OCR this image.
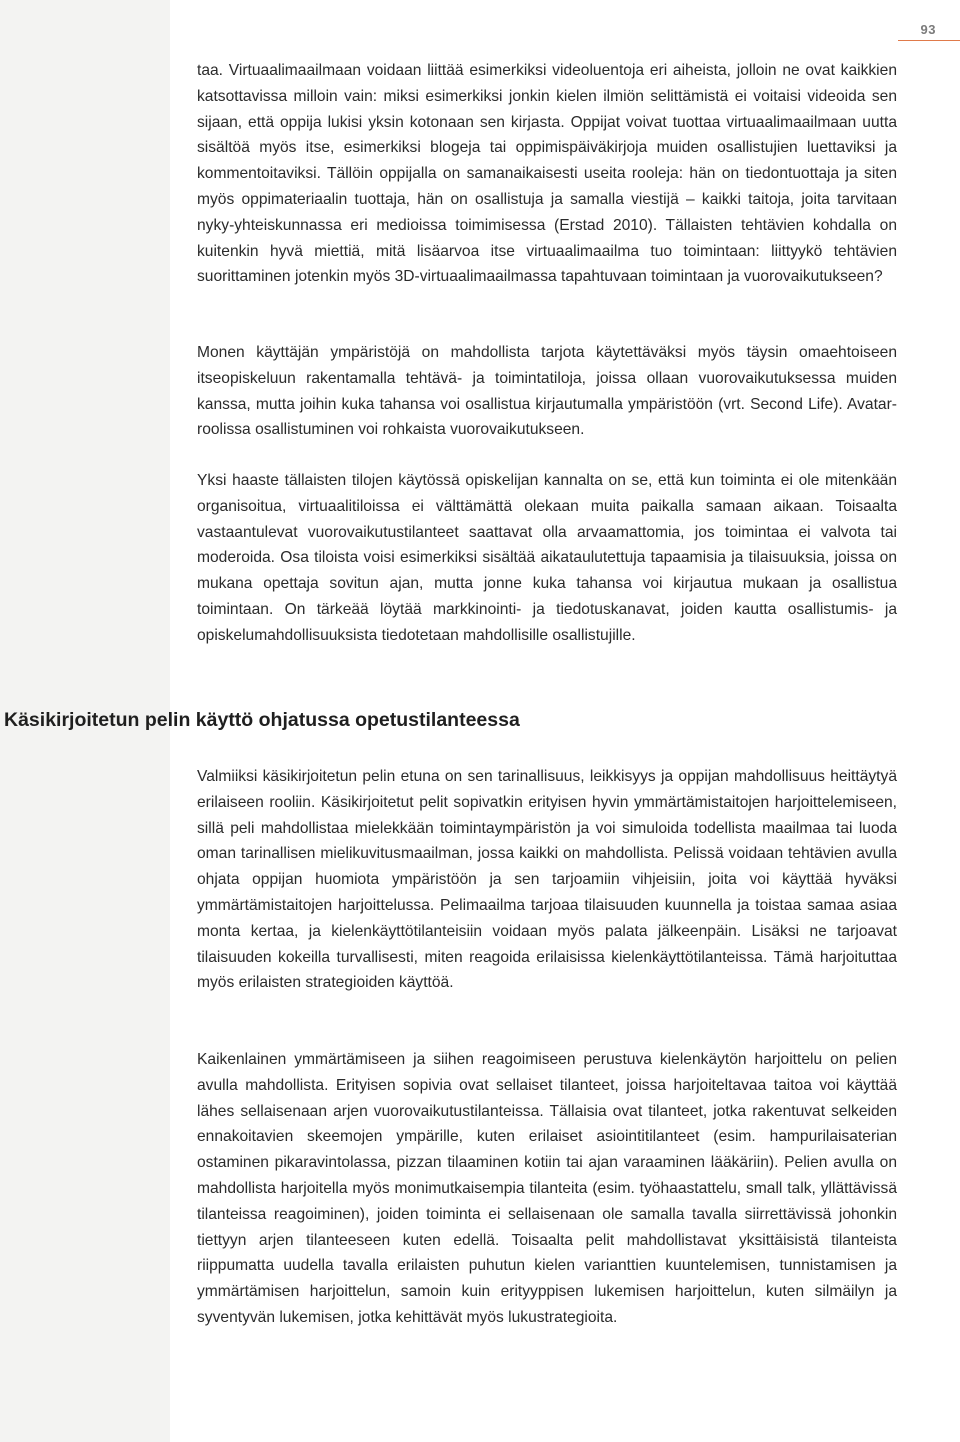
93

taa. Virtuaalimaailmaan voidaan liittää esimerkiksi videoluentoja eri aiheista, jolloin ne ovat kaikkien katsottavissa milloin vain: miksi esimerkiksi jonkin kielen ilmiön selittämistä ei voitaisi videoida sen sijaan, että oppija lukisi yksin kotonaan sen kirjasta. Oppijat voivat tuottaa virtuaalimaailmaan uutta sisältöä myös itse, esimerkiksi blogeja tai oppimispäiväkirjoja muiden osallistujien luettaviksi ja kommentoitaviksi. Tällöin oppijalla on samanaikaisesti useita rooleja: hän on tiedontuottaja ja siten myös oppimateriaalin tuottaja, hän on osallistuja ja samalla viestijä – kaikki taitoja, joita tarvitaan nyky-yhteiskunnassa eri medioissa toimimisessa (Erstad 2010). Tällaisten tehtävien kohdalla on kuitenkin hyvä miettiä, mitä lisäarvoa itse virtuaalimaailma tuo toimintaan: liittyykö tehtävien suorittaminen jotenkin myös 3D-virtuaalimaailmassa tapahtuvaan toimintaan ja vuorovaikutukseen?

Monen käyttäjän ympäristöjä on mahdollista tarjota käytettäväksi myös täysin omaehtoiseen itseopiskeluun rakentamalla tehtävä- ja toimintatiloja, joissa ollaan vuorovaikutuksessa muiden kanssa, mutta joihin kuka tahansa voi osallistua kirjautumalla ympäristöön (vrt. Second Life). Avatar-roolissa osallistuminen voi rohkaista vuorovaikutukseen.

Yksi haaste tällaisten tilojen käytössä opiskelijan kannalta on se, että kun toiminta ei ole mitenkään organisoitua, virtuaalitiloissa ei välttämättä olekaan muita paikalla samaan aikaan. Toisaalta vastaantulevat vuorovaikutustilanteet saattavat olla arvaamattomia, jos toimintaa ei valvota tai moderoida. Osa tiloista voisi esimerkiksi sisältää aikataulutettuja tapaamisia ja tilaisuuksia, joissa on mukana opettaja sovitun ajan, mutta jonne kuka tahansa voi kirjautua mukaan ja osallistua toimintaan. On tärkeää löytää markkinointi- ja tiedotuskanavat, joiden kautta osallistumis- ja opiskelumahdollisuuksista tiedotetaan mahdollisille osallistujille.

Käsikirjoitetun pelin käyttö ohjatussa opetustilanteessa

Valmiiksi käsikirjoitetun pelin etuna on sen tarinallisuus, leikkisyys ja oppijan mahdollisuus heittäytyä erilaiseen rooliin. Käsikirjoitetut pelit sopivatkin erityisen hyvin ymmärtämistaitojen harjoittelemiseen, sillä peli mahdollistaa mielekkään toimintaympäristön ja voi simuloida todellista maailmaa tai luoda oman tarinallisen mielikuvitusmaailman, jossa kaikki on mahdollista. Pelissä voidaan tehtävien avulla ohjata oppijan huomiota ympäristöön ja sen tarjoamiin vihjeisiin, joita voi käyttää hyväksi ymmärtämistaitojen harjoittelussa. Pelimaailma tarjoaa tilaisuuden kuunnella ja toistaa samaa asiaa monta kertaa, ja kielenkäyttötilanteisiin voidaan myös palata jälkeenpäin. Lisäksi ne tarjoavat tilaisuuden kokeilla turvallisesti, miten reagoida erilaisissa kielenkäyttötilanteissa. Tämä harjoituttaa myös erilaisten strategioiden käyttöä.

Kaikenlainen ymmärtämiseen ja siihen reagoimiseen perustuva kielenkäytön harjoittelu on pelien avulla mahdollista. Erityisen sopivia ovat sellaiset tilanteet, joissa harjoiteltavaa taitoa voi käyttää lähes sellaisenaan arjen vuorovaikutustilanteissa. Tällaisia ovat tilanteet, jotka rakentuvat selkeiden ennakoitavien skeemojen ympärille, kuten erilaiset asiointitilanteet (esim. hampurilaisaterian ostaminen pikaravintolassa, pizzan tilaaminen kotiin tai ajan varaaminen lääkäriin). Pelien avulla on mahdollista harjoitella myös monimutkaisempia tilanteita (esim. työhaastattelu, small talk, yllättävissä tilanteissa reagoiminen), joiden toiminta ei sellaisenaan ole samalla tavalla siirrettävissä johonkin tiettyyn arjen tilanteeseen kuten edellä. Toisaalta pelit mahdollistavat yksittäisistä tilanteista riippumatta uudella tavalla erilaisten puhutun kielen varianttien kuuntelemisen, tunnistamisen ja ymmärtämisen harjoittelun, samoin kuin erityyppisen lukemisen harjoittelun, kuten silmäilyn ja syventyvän lukemisen, jotka kehittävät myös lukustrategioita.
